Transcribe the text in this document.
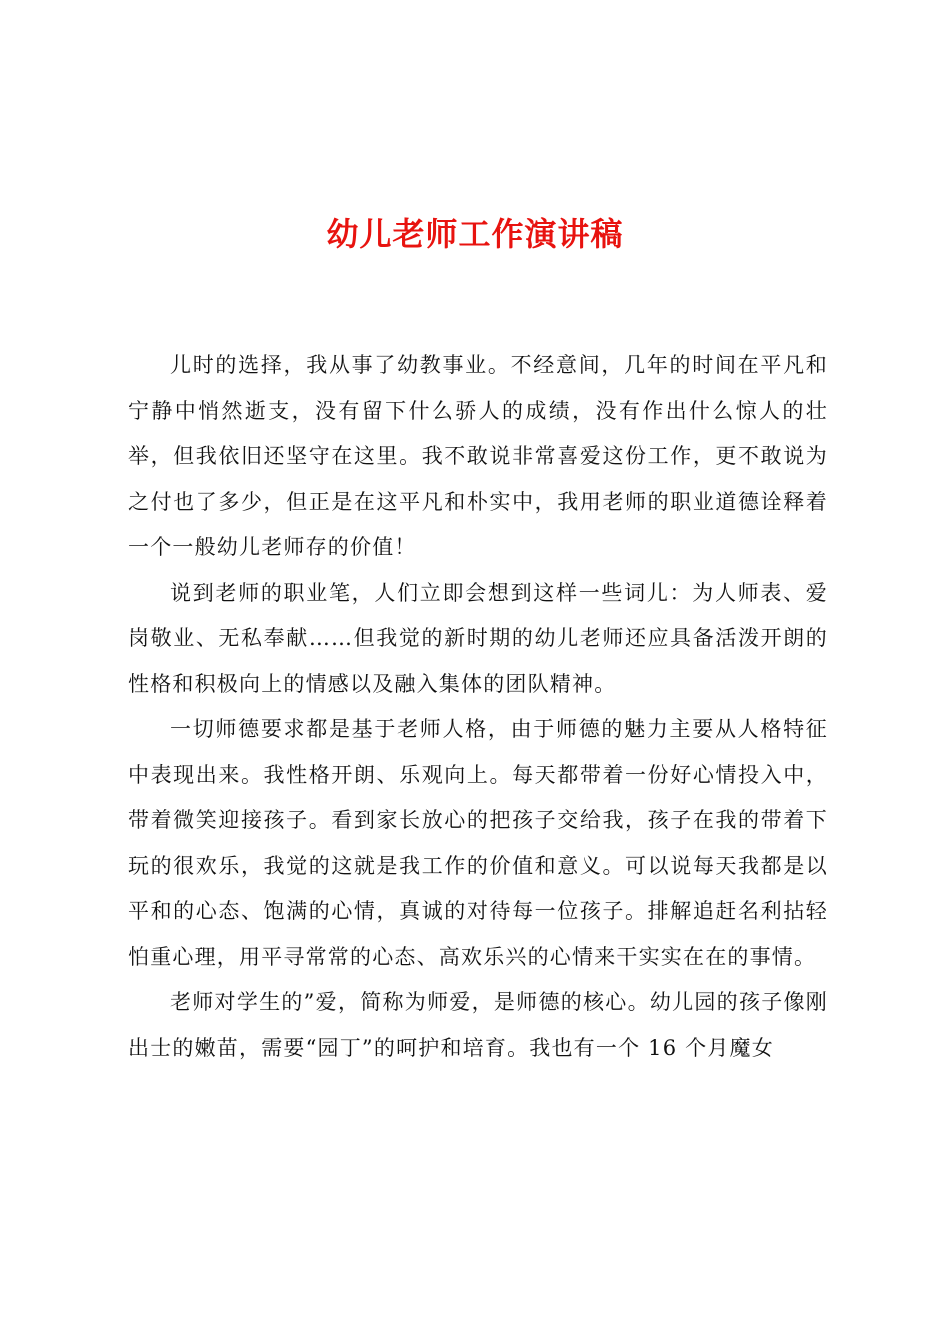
幼儿老师工作演讲稿

儿时的选择，我从事了幼教事业。不经意间，几年的时间在平凡和宁静中悄然逝支，没有留下什么骄人的成绩，没有作出什么惊人的壮举，但我依旧还坚守在这里。我不敢说非常喜爱这份工作，更不敢说为之付也了多少，但正是在这平凡和朴实中，我用老师的职业道德诠释着一个一般幼儿老师存的价值！

说到老师的职业笔，人们立即会想到这样一些词儿：为人师表、爱岗敬业、无私奉献……但我觉的新时期的幼儿老师还应具备活泼开朗的性格和积极向上的情感以及融入集体的团队精神。

一切师德要求都是基于老师人格，由于师德的魅力主要从人格特征中表现出来。我性格开朗、乐观向上。每天都带着一份好心情投入中，带着微笑迎接孩子。看到家长放心的把孩子交给我，孩子在我的带着下玩的很欢乐，我觉的这就是我工作的价值和意义。可以说每天我都是以平和的心态、饱满的心情，真诚的对待每一位孩子。排解追赶名利拈轻怕重心理，用平寻常常的心态、高欢乐兴的心情来干实实在在的事情。

老师对学生的”爱，简称为师爱，是师德的核心。幼儿园的孩子像刚出士的嫩苗，需要“园丁”的呵护和培育。我也有一个 16 个月魔女
